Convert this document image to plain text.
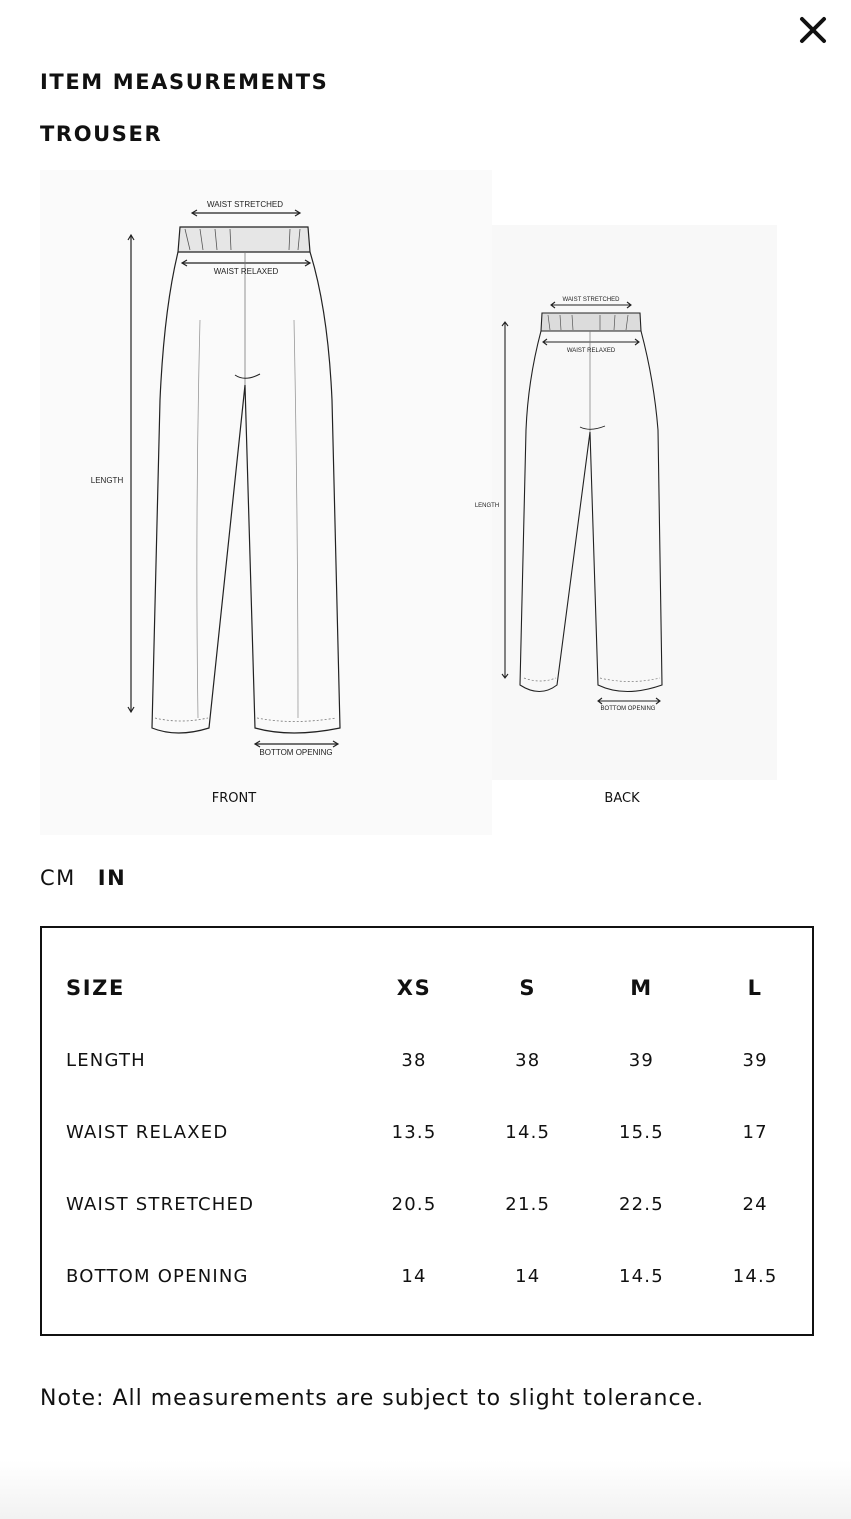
ITEM MEASUREMENTS
TROUSER
WAIST STRETCHED
WAIST RELAXED
LENGTH
BOTTOM OPENING
FRONT
WAIST STRETCHED
WAIST RELAXED
LENGTH
BOTTOM OPENING
BACK
CM IN
SIZE	XS	S	M	L
LENGTH	38	38	39	39
WAIST RELAXED	13.5	14.5	15.5	17
WAIST STRETCHED	20.5	21.5	22.5	24
BOTTOM OPENING	14	14	14.5	14.5

Note: All measurements are subject to slight tolerance.
